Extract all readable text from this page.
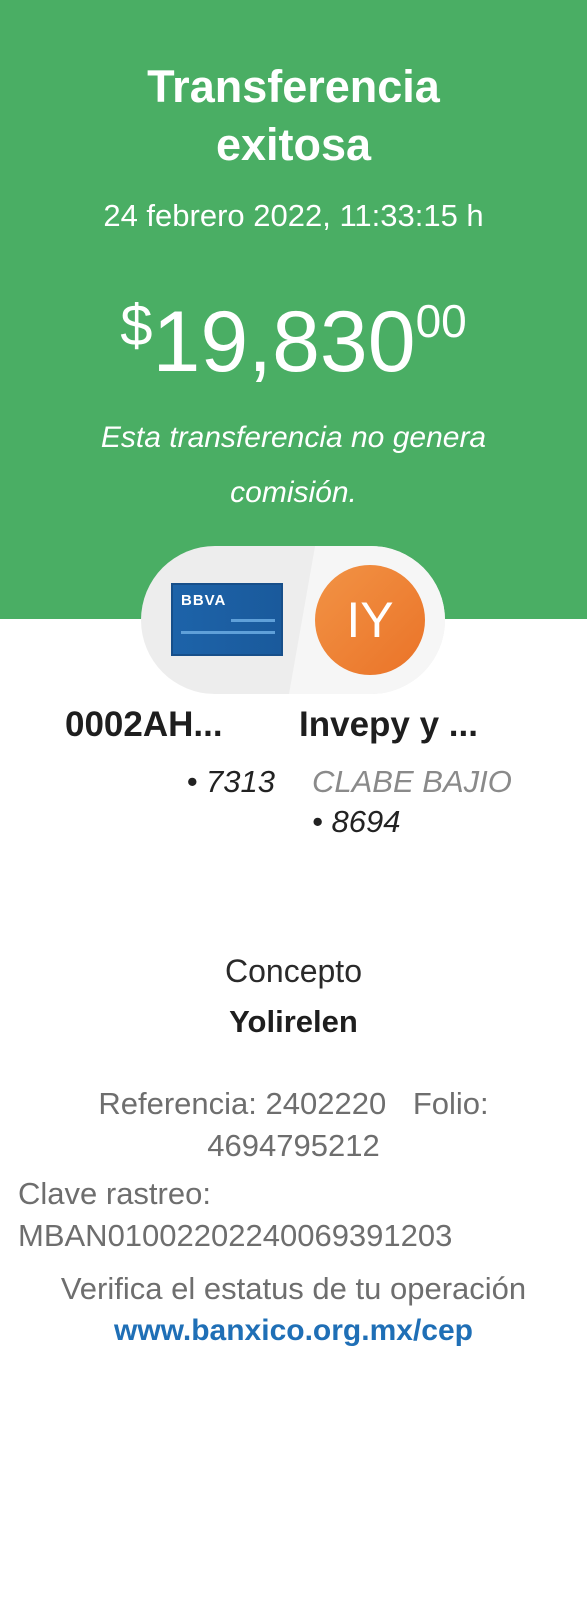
Transferencia
exitosa
24 febrero 2022, 11:33:15 h
$19,83000
Esta transferencia no genera comisión.
BBVA	IY
0002AH...
• 7313
Invepy y ...
CLABE BAJIO
• 8694
Concepto
Yolirelen
Referencia: 2402220 Folio: 4694795212
Clave rastreo:
MBAN01002202240069391203
Verifica el estatus de tu operación
www.banxico.org.mx/cep
